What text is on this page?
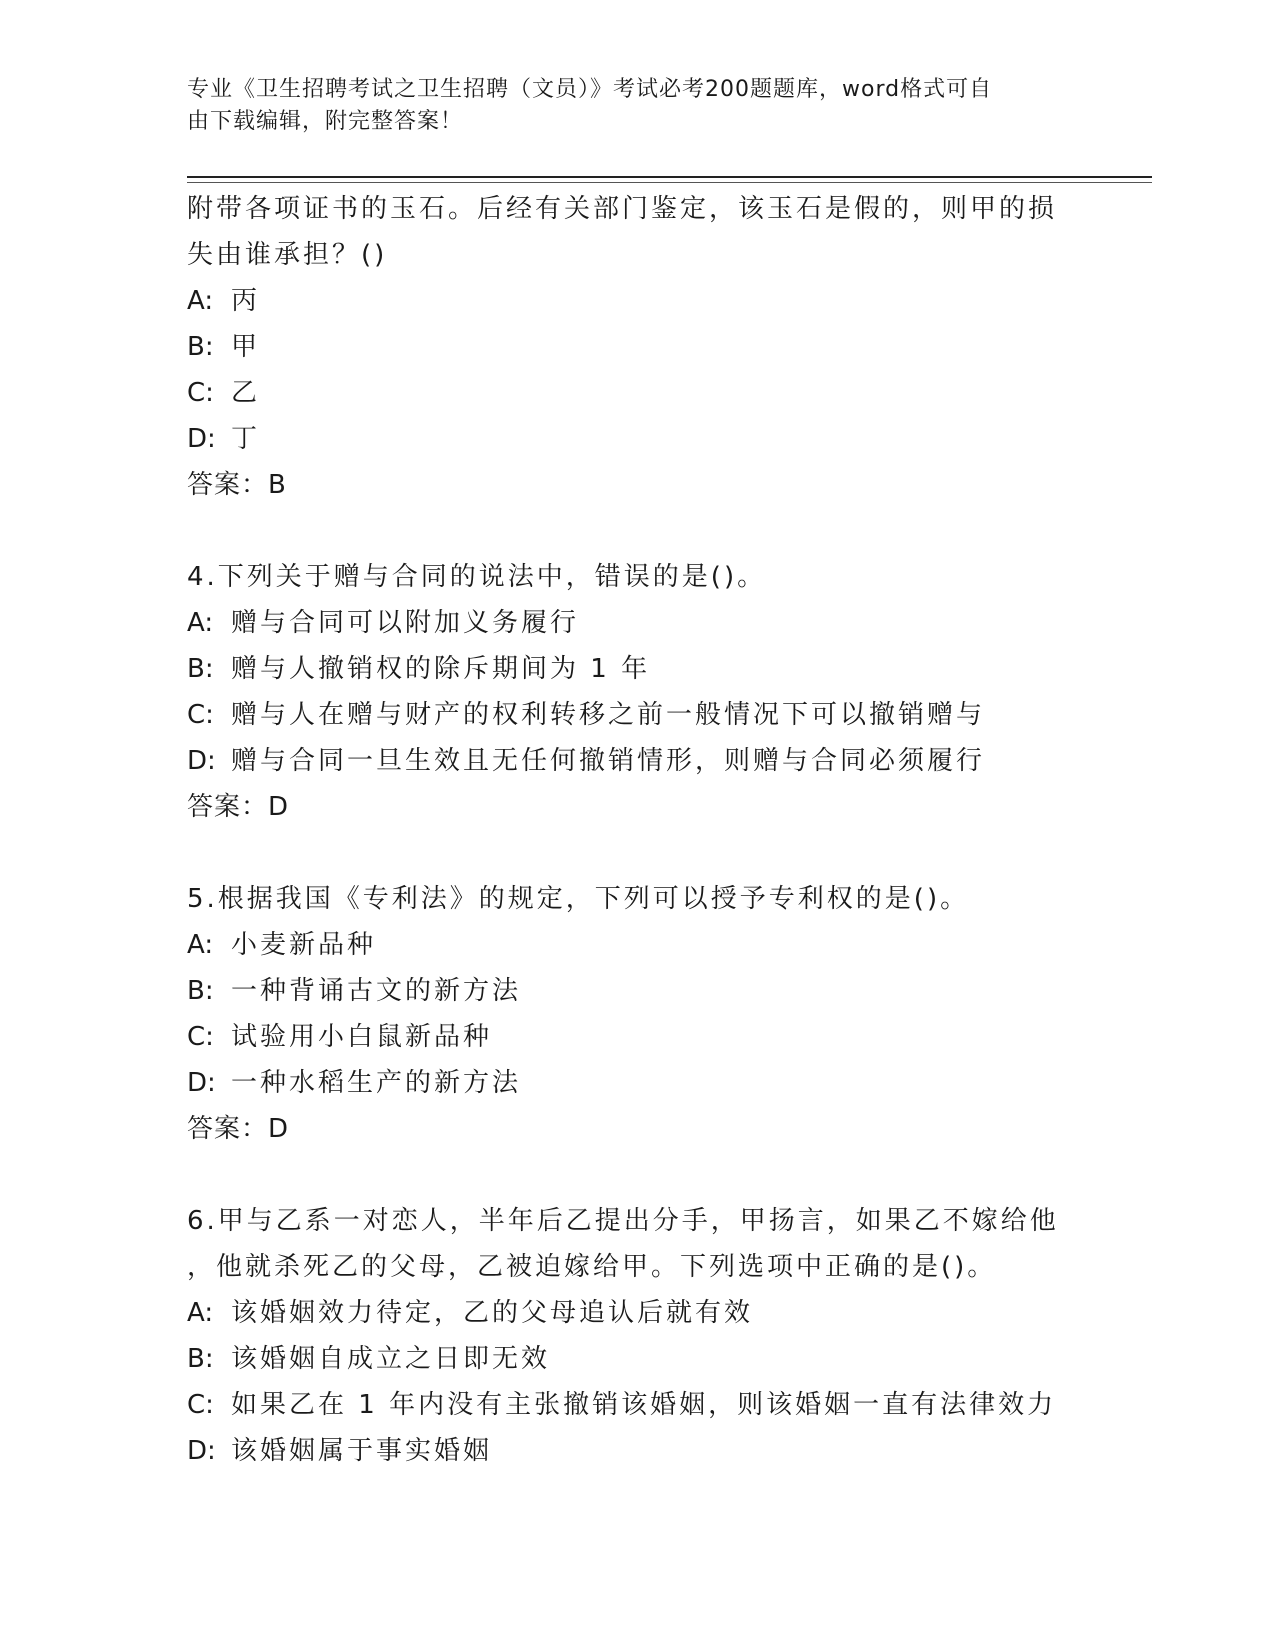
专业《卫生招聘考试之卫生招聘（文员）》考试必考200题题库，word格式可自
由下载编辑，附完整答案！
附带各项证书的玉石。后经有关部门鉴定，该玉石是假的，则甲的损
失由谁承担？()
A: 丙
B: 甲
C: 乙
D: 丁
答案：B
4.下列关于赠与合同的说法中，错误的是()。
A: 赠与合同可以附加义务履行
B: 赠与人撤销权的除斥期间为 1 年
C: 赠与人在赠与财产的权利转移之前一般情况下可以撤销赠与
D: 赠与合同一旦生效且无任何撤销情形，则赠与合同必须履行
答案：D
5.根据我国《专利法》的规定，下列可以授予专利权的是()。
A: 小麦新品种
B: 一种背诵古文的新方法
C: 试验用小白鼠新品种
D: 一种水稻生产的新方法
答案：D
6.甲与乙系一对恋人，半年后乙提出分手，甲扬言，如果乙不嫁给他
，他就杀死乙的父母，乙被迫嫁给甲。下列选项中正确的是()。
A: 该婚姻效力待定，乙的父母追认后就有效
B: 该婚姻自成立之日即无效
C: 如果乙在 1 年内没有主张撤销该婚姻，则该婚姻一直有法律效力
D: 该婚姻属于事实婚姻
